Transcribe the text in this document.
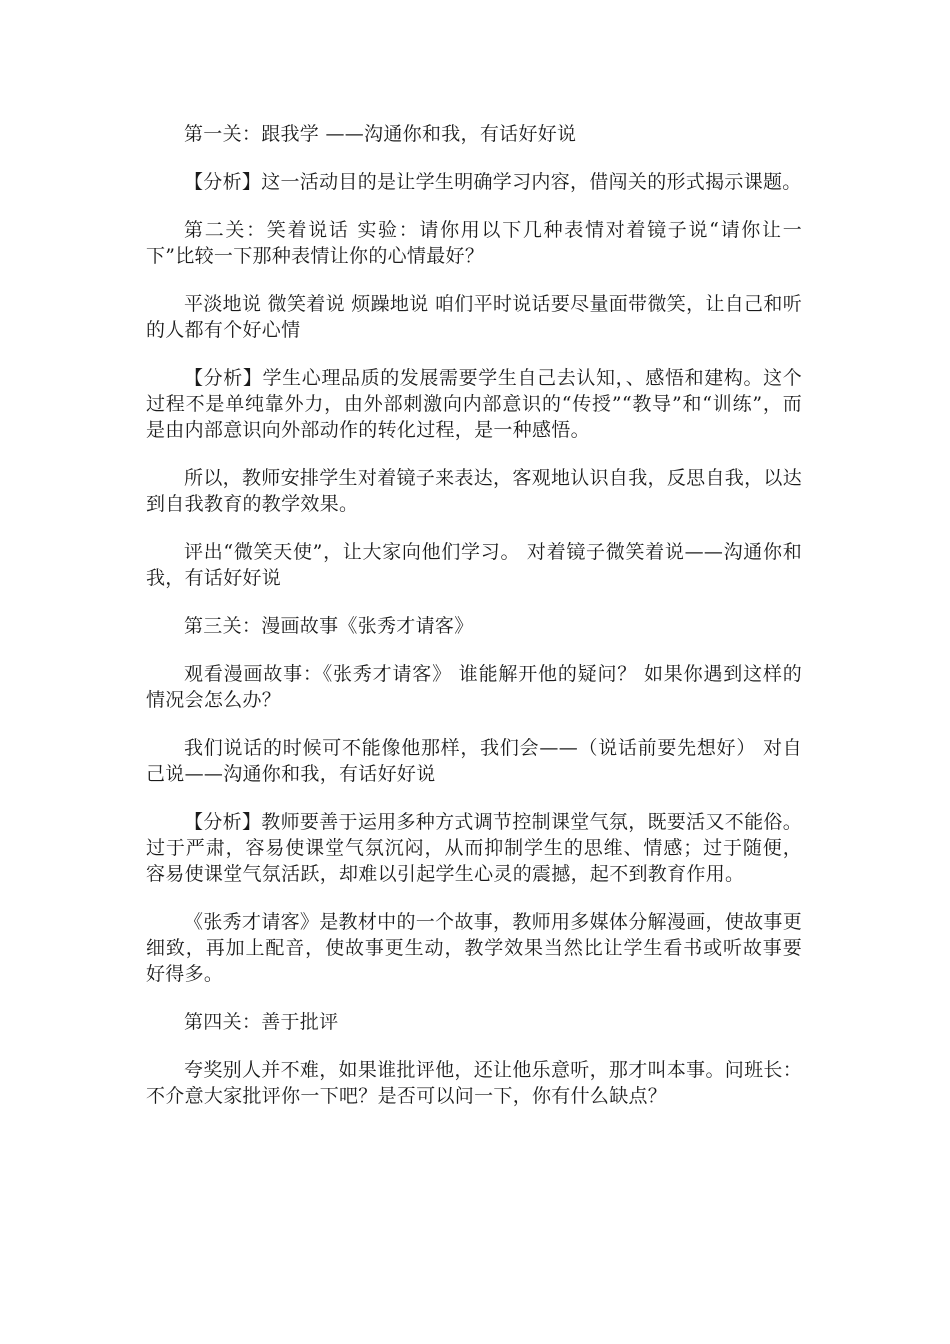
第一关：跟我学 ——沟通你和我，有话好好说

【分析】这一活动目的是让学生明确学习内容，借闯关的形式揭示课题。

第二关：笑着说话 实验：请你用以下几种表情对着镜子说“请你让一下”比较一下那种表情让你的心情最好？

平淡地说 微笑着说 烦躁地说 咱们平时说话要尽量面带微笑，让自己和听的人都有个好心情

【分析】学生心理品质的发展需要学生自己去认知，、感悟和建构。这个过程不是单纯靠外力，由外部刺激向内部意识的“传授”“教导”和“训练”，而是由内部意识向外部动作的转化过程，是一种感悟。

所以，教师安排学生对着镜子来表达，客观地认识自我，反思自我，以达到自我教育的教学效果。

评出“微笑天使”，让大家向他们学习。 对着镜子微笑着说——沟通你和我，有话好好说

第三关：漫画故事《张秀才请客》

观看漫画故事：《张秀才请客》 谁能解开他的疑问？ 如果你遇到这样的情况会怎么办？

我们说话的时候可不能像他那样，我们会——（说话前要先想好） 对自己说——沟通你和我，有话好好说

【分析】教师要善于运用多种方式调节控制课堂气氛，既要活又不能俗。过于严肃，容易使课堂气氛沉闷，从而抑制学生的思维、情感；过于随便，容易使课堂气氛活跃，却难以引起学生心灵的震撼，起不到教育作用。

《张秀才请客》是教材中的一个故事，教师用多媒体分解漫画，使故事更细致，再加上配音，使故事更生动，教学效果当然比让学生看书或听故事要好得多。

第四关：善于批评

夸奖别人并不难，如果谁批评他，还让他乐意听，那才叫本事。问班长：不介意大家批评你一下吧？是否可以问一下，你有什么缺点？
